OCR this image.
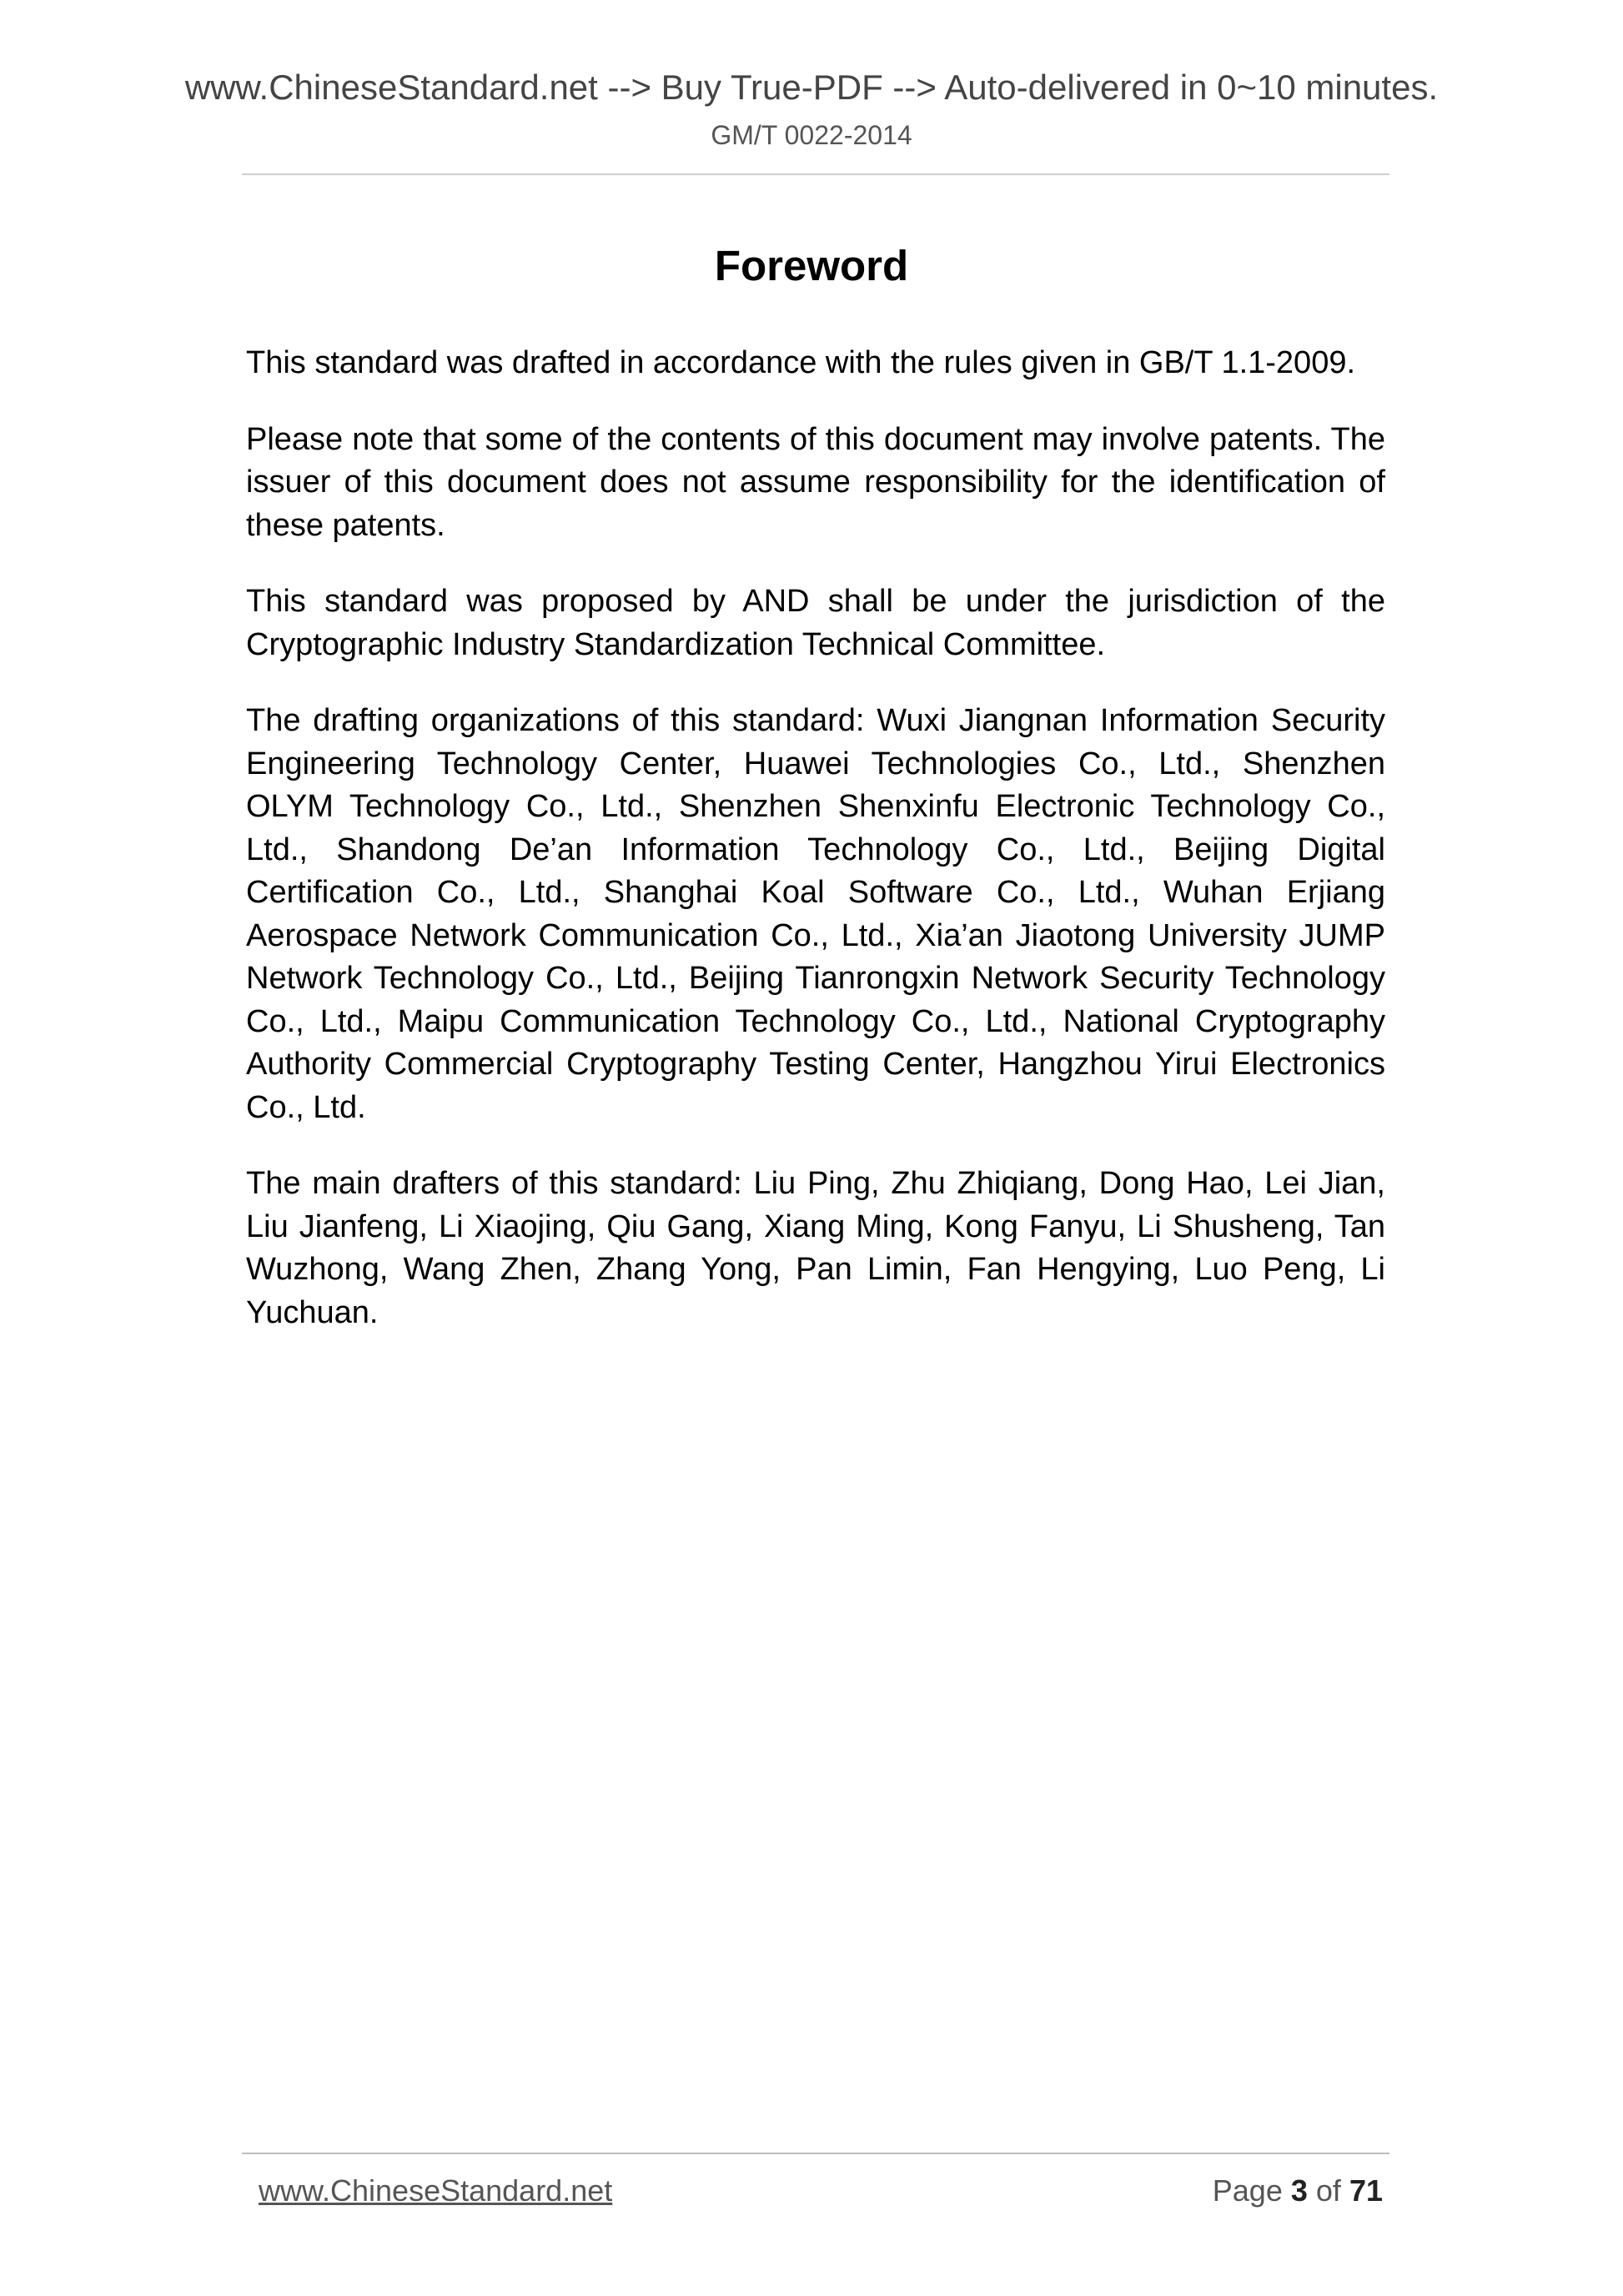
www.ChineseStandard.net --> Buy True-PDF --> Auto-delivered in 0~10 minutes.
GM/T 0022-2014
Foreword

This standard was drafted in accordance with the rules given in GB/T 1.1-2009.

Please note that some of the contents of this document may involve patents. The issuer of this document does not assume responsibility for the identification of these patents.

This standard was proposed by AND shall be under the jurisdiction of the Cryptographic Industry Standardization Technical Committee.

The drafting organizations of this standard: Wuxi Jiangnan Information Security Engineering Technology Center, Huawei Technologies Co., Ltd., Shenzhen OLYM Technology Co., Ltd., Shenzhen Shenxinfu Electronic Technology Co., Ltd., Shandong De’an Information Technology Co., Ltd., Beijing Digital Certification Co., Ltd., Shanghai Koal Software Co., Ltd., Wuhan Erjiang Aerospace Network Communication Co., Ltd., Xia’an Jiaotong University JUMP Network Technology Co., Ltd., Beijing Tianrongxin Network Security Technology Co., Ltd., Maipu Communication Technology Co., Ltd., National Cryptography Authority Commercial Cryptography Testing Center, Hangzhou Yirui Electronics Co., Ltd.

The main drafters of this standard: Liu Ping, Zhu Zhiqiang, Dong Hao, Lei Jian, Liu Jianfeng, Li Xiaojing, Qiu Gang, Xiang Ming, Kong Fanyu, Li Shusheng, Tan Wuzhong, Wang Zhen, Zhang Yong, Pan Limin, Fan Hengying, Luo Peng, Li Yuchuan.

www.ChineseStandard.net	Page 3 of 71
